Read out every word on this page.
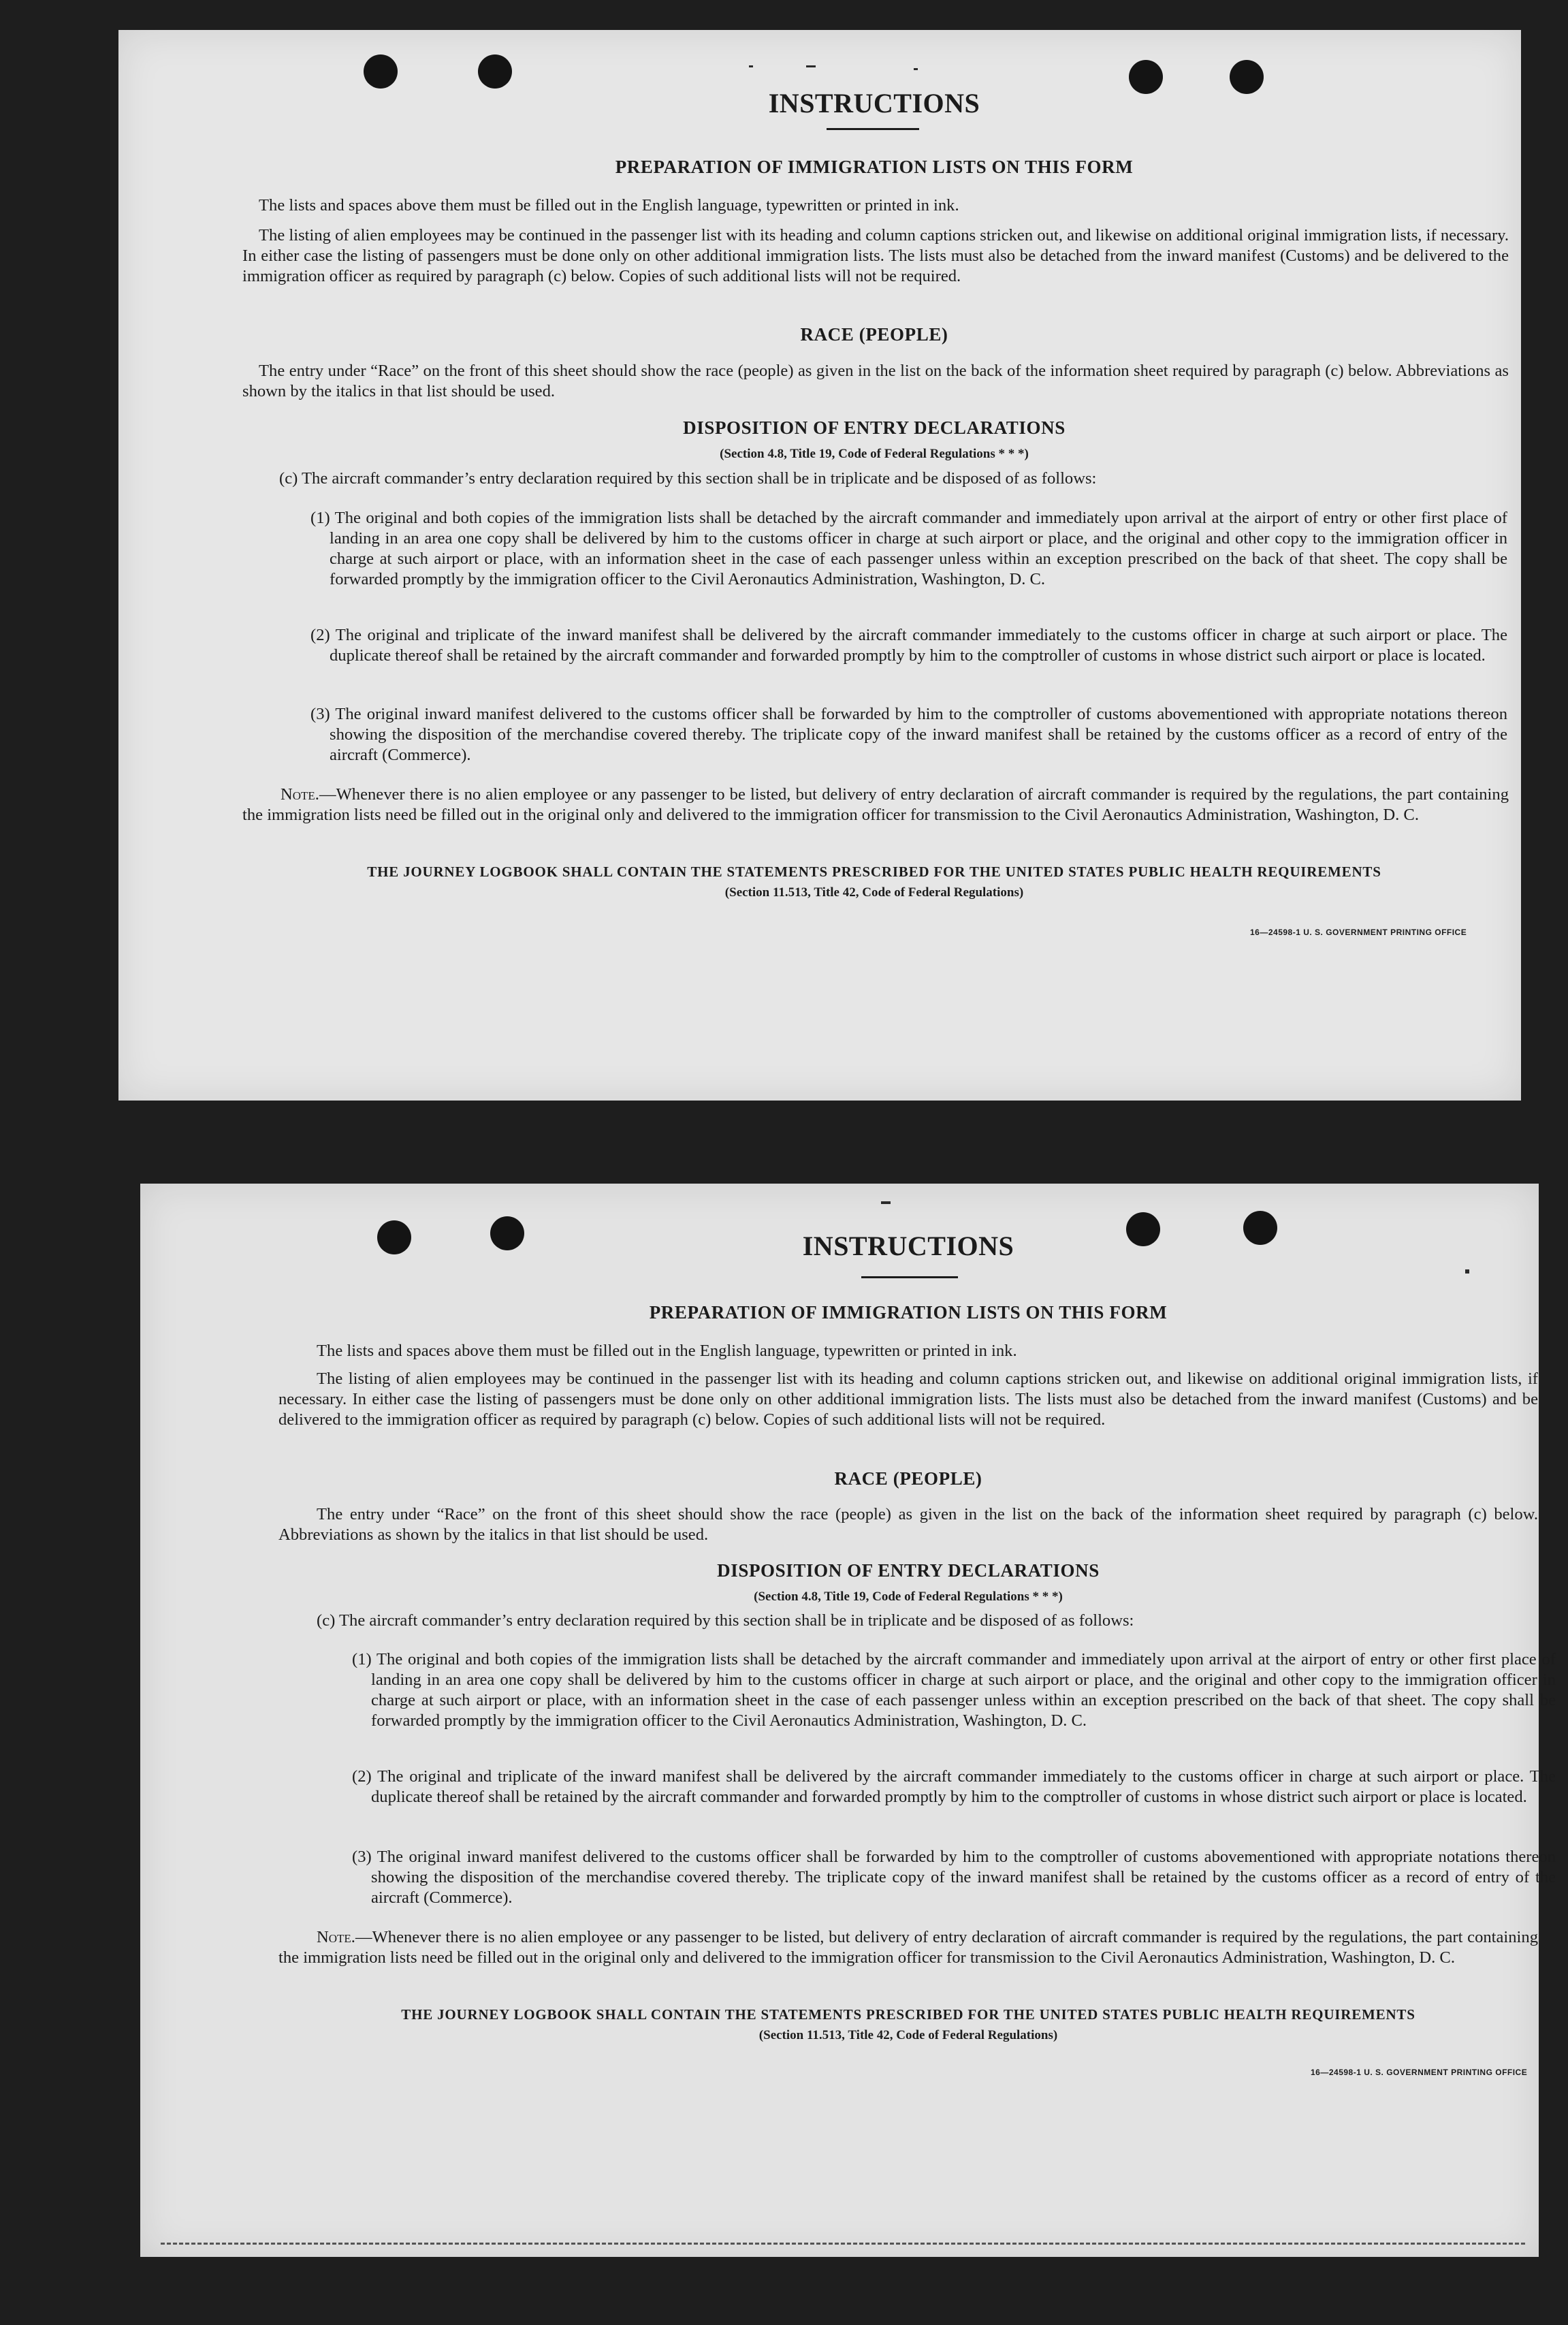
INSTRUCTIONS
PREPARATION OF IMMIGRATION LISTS ON THIS FORM
The lists and spaces above them must be filled out in the English language, typewritten or printed in ink.
The listing of alien employees may be continued in the passenger list with its heading and column captions stricken out, and likewise on additional original immigration lists, if necessary. In either case the listing of passengers must be done only on other additional immigration lists. The lists must also be detached from the inward manifest (Customs) and be delivered to the immigration officer as required by paragraph (c) below. Copies of such additional lists will not be required.
RACE (PEOPLE)
The entry under “Race” on the front of this sheet should show the race (people) as given in the list on the back of the information sheet required by paragraph (c) below. Abbreviations as shown by the italics in that list should be used.
DISPOSITION OF ENTRY DECLARATIONS
(Section 4.8, Title 19, Code of Federal Regulations * * *)
(c) The aircraft commander’s entry declaration required by this section shall be in triplicate and be disposed of as follows:
(1) The original and both copies of the immigration lists shall be detached by the aircraft commander and immediately upon arrival at the airport of entry or other first place of landing in an area one copy shall be delivered by him to the customs officer in charge at such airport or place, and the original and other copy to the immigration officer in charge at such airport or place, with an information sheet in the case of each passenger unless within an exception prescribed on the back of that sheet. The copy shall be forwarded promptly by the immigration officer to the Civil Aeronautics Administration, Washington, D. C.
(2) The original and triplicate of the inward manifest shall be delivered by the aircraft commander immediately to the customs officer in charge at such airport or place. The duplicate thereof shall be retained by the aircraft commander and forwarded promptly by him to the comptroller of customs in whose district such airport or place is located.
(3) The original inward manifest delivered to the customs officer shall be forwarded by him to the comptroller of customs abovementioned with appropriate notations thereon showing the disposition of the merchandise covered thereby. The triplicate copy of the inward manifest shall be retained by the customs officer as a record of entry of the aircraft (Commerce).
Note.—Whenever there is no alien employee or any passenger to be listed, but delivery of entry declaration of aircraft commander is required by the regulations, the part containing the immigration lists need be filled out in the original only and delivered to the immigration officer for transmission to the Civil Aeronautics Administration, Washington, D. C.
THE JOURNEY LOGBOOK SHALL CONTAIN THE STATEMENTS PRESCRIBED FOR THE UNITED STATES PUBLIC HEALTH REQUIREMENTS
(Section 11.513, Title 42, Code of Federal Regulations)
16—24598-1 U. S. GOVERNMENT PRINTING OFFICE
INSTRUCTIONS
PREPARATION OF IMMIGRATION LISTS ON THIS FORM
The lists and spaces above them must be filled out in the English language, typewritten or printed in ink.
The listing of alien employees may be continued in the passenger list with its heading and column captions stricken out, and likewise on additional original immigration lists, if necessary. In either case the listing of passengers must be done only on other additional immigration lists. The lists must also be detached from the inward manifest (Customs) and be delivered to the immigration officer as required by paragraph (c) below. Copies of such additional lists will not be required.
RACE (PEOPLE)
The entry under “Race” on the front of this sheet should show the race (people) as given in the list on the back of the information sheet required by paragraph (c) below. Abbreviations as shown by the italics in that list should be used.
DISPOSITION OF ENTRY DECLARATIONS
(Section 4.8, Title 19, Code of Federal Regulations * * *)
(c) The aircraft commander’s entry declaration required by this section shall be in triplicate and be disposed of as follows:
(1) The original and both copies of the immigration lists shall be detached by the aircraft commander and immediately upon arrival at the airport of entry or other first place of landing in an area one copy shall be delivered by him to the customs officer in charge at such airport or place, and the original and other copy to the immigration officer in charge at such airport or place, with an information sheet in the case of each passenger unless within an exception prescribed on the back of that sheet. The copy shall be forwarded promptly by the immigration officer to the Civil Aeronautics Administration, Washington, D. C.
(2) The original and triplicate of the inward manifest shall be delivered by the aircraft commander immediately to the customs officer in charge at such airport or place. The duplicate thereof shall be retained by the aircraft commander and forwarded promptly by him to the comptroller of customs in whose district such airport or place is located.
(3) The original inward manifest delivered to the customs officer shall be forwarded by him to the comptroller of customs abovementioned with appropriate notations thereon showing the disposition of the merchandise covered thereby. The triplicate copy of the inward manifest shall be retained by the customs officer as a record of entry of the aircraft (Commerce).
Note.—Whenever there is no alien employee or any passenger to be listed, but delivery of entry declaration of aircraft commander is required by the regulations, the part containing the immigration lists need be filled out in the original only and delivered to the immigration officer for transmission to the Civil Aeronautics Administration, Washington, D. C.
THE JOURNEY LOGBOOK SHALL CONTAIN THE STATEMENTS PRESCRIBED FOR THE UNITED STATES PUBLIC HEALTH REQUIREMENTS
(Section 11.513, Title 42, Code of Federal Regulations)
16—24598-1 U. S. GOVERNMENT PRINTING OFFICE
